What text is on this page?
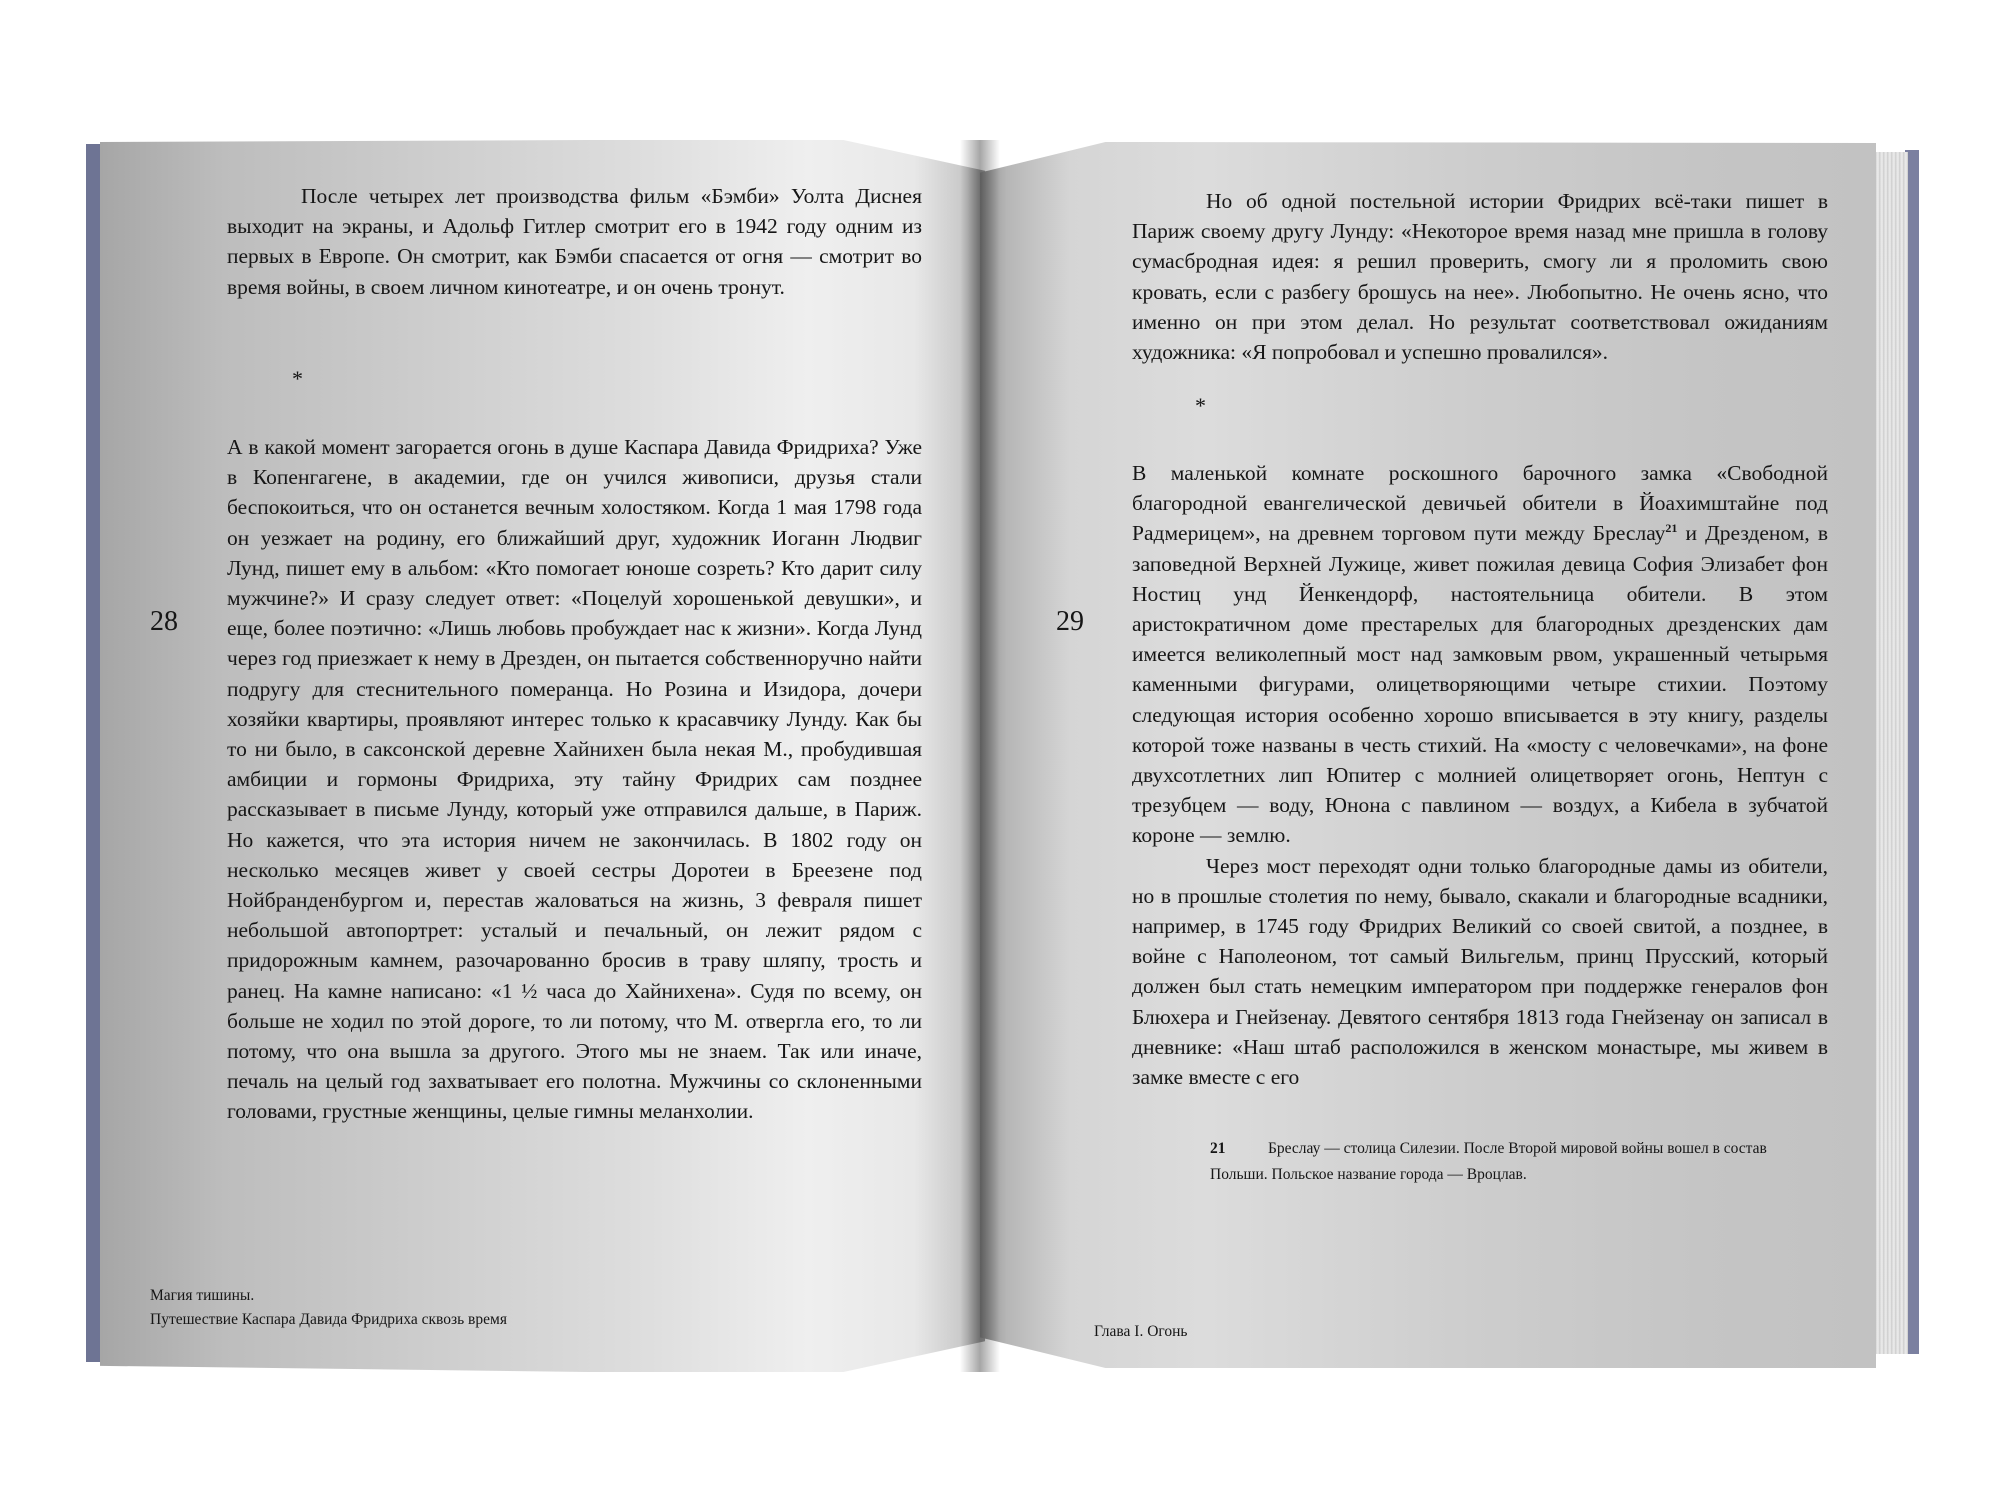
После четырех лет производства фильм «Бэмби» Уолта Диснея выходит на экраны, и Адольф Гитлер смотрит его в 1942 году одним из первых в Европе. Он смотрит, как Бэмби спасается от огня — смотрит во время войны, в своем личном кинотеатре, и он очень тронут.

*

А в какой момент загорается огонь в душе Каспара Давида Фридриха? Уже в Копенгагене, в академии, где он учился живописи, друзья стали беспокоиться, что он останется вечным холостяком. Когда 1 мая 1798 года он уезжает на родину, его ближайший друг, художник Иоганн Людвиг Лунд, пишет ему в альбом: «Кто помогает юноше созреть? Кто дарит силу мужчине?» И сразу следует ответ: «Поцелуй хорошенькой девушки», и еще, более поэтично: «Лишь любовь пробуждает нас к жизни». Когда Лунд через год приезжает к нему в Дрезден, он пытается собственноручно найти подругу для стеснительного померанца. Но Розина и Изидора, дочери хозяйки квартиры, проявляют интерес только к красавчику Лунду. Как бы то ни было, в саксонской деревне Хайнихен была некая М., пробудившая амбиции и гормоны Фридриха, эту тайну Фридрих сам позднее рассказывает в письме Лунду, который уже отправился дальше, в Париж. Но кажется, что эта история ничем не закончилась. В 1802 году он несколько месяцев живет у своей сестры Доротеи в Бреезене под Нойбранденбургом и, перестав жаловаться на жизнь, 3 февраля пишет небольшой автопортрет: усталый и печальный, он лежит рядом с придорожным камнем, разочарованно бросив в траву шляпу, трость и ранец. На камне написано: «1 ½ часа до Хайнихена». Судя по всему, он больше не ходил по этой дороге, то ли потому, что М. отвергла его, то ли потому, что она вышла за другого. Этого мы не знаем. Так или иначе, печаль на целый год захватывает его полотна. Мужчины со склоненными головами, грустные женщины, целые гимны меланхолии.

28
Магия тишины.
Путешествие Каспара Давида Фридриха сквозь время

Но об одной постельной истории Фридрих всё-таки пишет в Париж своему другу Лунду: «Некоторое время назад мне пришла в голову сумасбродная идея: я решил проверить, смогу ли я проломить свою кровать, если с разбегу брошусь на нее». Любопытно. Не очень ясно, что именно он при этом делал. Но результат соответствовал ожиданиям художника: «Я попробовал и успешно провалился».

*

В маленькой комнате роскошного барочного замка «Свободной благородной евангелической девичьей обители в Йоахимштайне под Радмерицем», на древнем торговом пути между Бреслау$^{21}$ и Дрезденом, в заповедной Верхней Лужице, живет пожилая девица София Элизабет фон Ностиц унд Йенкендорф, настоятельница обители. В этом аристократичном доме престарелых для благородных дрезденских дам имеется великолепный мост над замковым рвом, украшенный четырьмя каменными фигурами, олицетворяющими четыре стихии. Поэтому следующая история особенно хорошо вписывается в эту книгу, разделы которой тоже названы в честь стихий. На «мосту с человечками», на фоне двухсотлетних лип Юпитер с молнией олицетворяет огонь, Нептун с трезубцем — воду, Юнона с павлином — воздух, а Кибела в зубчатой короне — землю.

Через мост переходят одни только благородные дамы из обители, но в прошлые столетия по нему, бывало, скакали и благородные всадники, например, в 1745 году Фридрих Великий со своей свитой, а позднее, в войне с Наполеоном, тот самый Вильгельм, принц Прусский, который должен был стать немецким императором при поддержке генералов фон Блюхера и Гнейзенау. Девятого сентября 1813 года Гнейзенау он записал в дневнике: «Наш штаб расположился в женском монастыре, мы живем в замке вместе с его

29
21	Бреслау — столица Силезии. После Второй мировой войны вошел в состав Польши. Польское название города — Вроцлав.
Глава I. Огонь
